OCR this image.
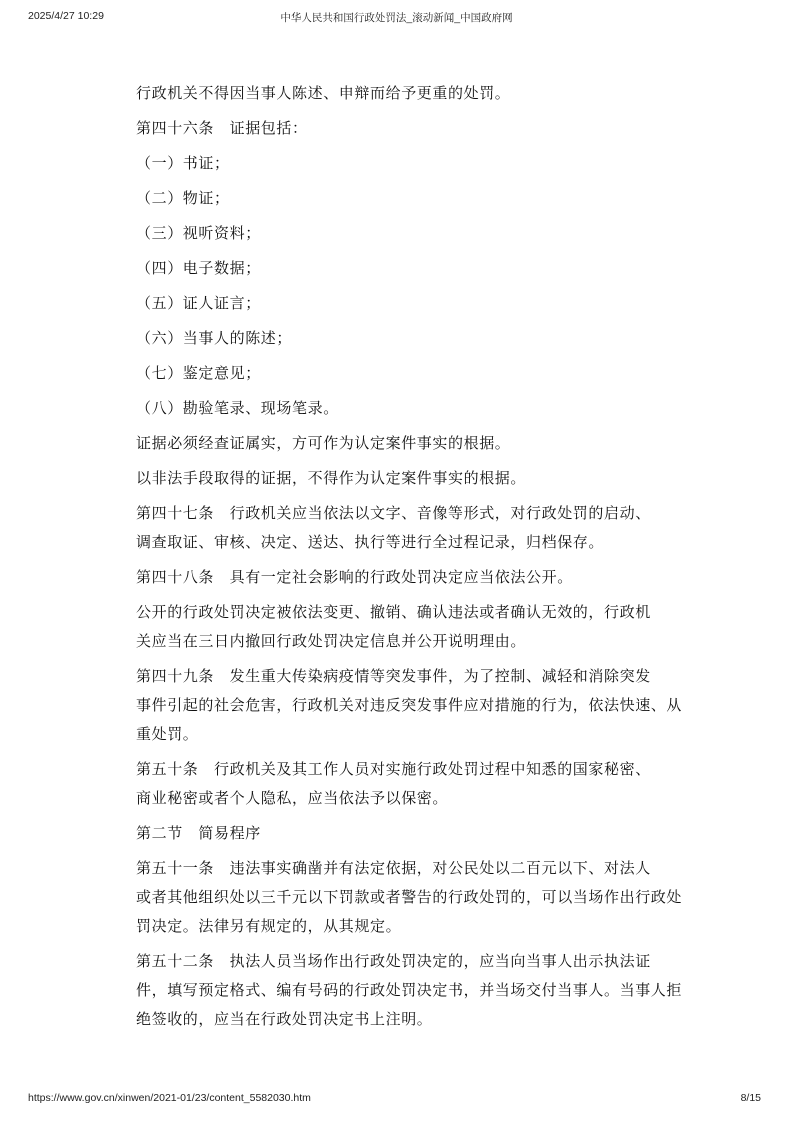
2025/4/27 10:29	中华人民共和国行政处罚法_滚动新闻_中国政府网
行政机关不得因当事人陈述、申辩而给予更重的处罚。
第四十六条　证据包括：
（一）书证；
（二）物证；
（三）视听资料；
（四）电子数据；
（五）证人证言；
（六）当事人的陈述；
（七）鉴定意见；
（八）勘验笔录、现场笔录。
证据必须经查证属实，方可作为认定案件事实的根据。
以非法手段取得的证据，不得作为认定案件事实的根据。
第四十七条　行政机关应当依法以文字、音像等形式，对行政处罚的启动、
调查取证、审核、决定、送达、执行等进行全过程记录，归档保存。
第四十八条　具有一定社会影响的行政处罚决定应当依法公开。
公开的行政处罚决定被依法变更、撤销、确认违法或者确认无效的，行政机
关应当在三日内撤回行政处罚决定信息并公开说明理由。
第四十九条　发生重大传染病疫情等突发事件，为了控制、减轻和消除突发
事件引起的社会危害，行政机关对违反突发事件应对措施的行为，依法快速、从
重处罚。
第五十条　行政机关及其工作人员对实施行政处罚过程中知悉的国家秘密、
商业秘密或者个人隐私，应当依法予以保密。
第二节　简易程序
第五十一条　违法事实确凿并有法定依据，对公民处以二百元以下、对法人
或者其他组织处以三千元以下罚款或者警告的行政处罚的，可以当场作出行政处
罚决定。法律另有规定的，从其规定。
第五十二条　执法人员当场作出行政处罚决定的，应当向当事人出示执法证
件，填写预定格式、编有号码的行政处罚决定书，并当场交付当事人。当事人拒
绝签收的，应当在行政处罚决定书上注明。
https://www.gov.cn/xinwen/2021-01/23/content_5582030.htm	8/15
